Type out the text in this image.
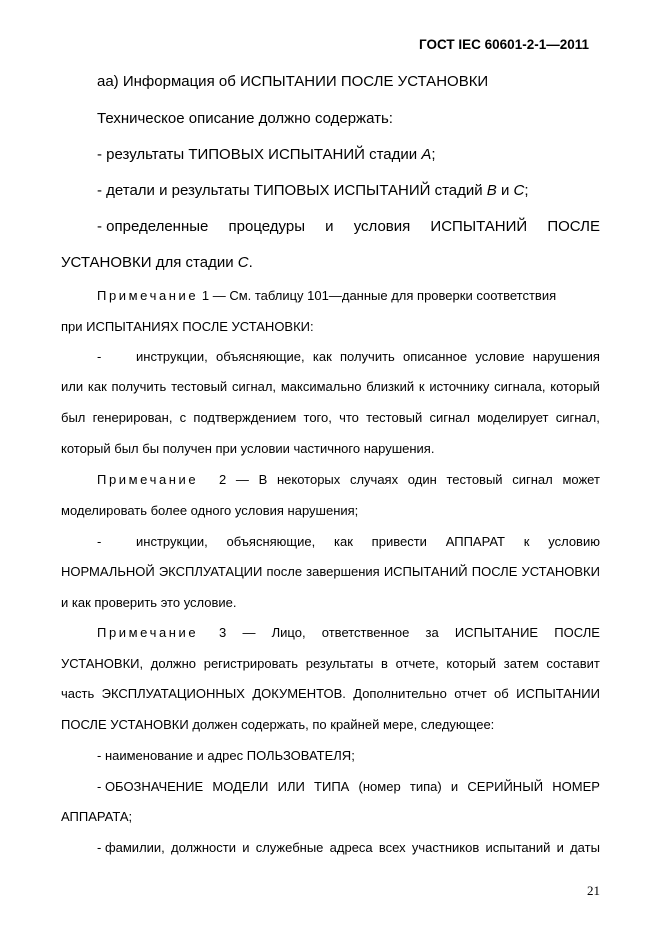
ГОСТ IEC 60601-2-1—2011
аа) Информация об ИСПЫТАНИИ ПОСЛЕ УСТАНОВКИ
Техническое описание должно содержать:
- результаты ТИПОВЫХ ИСПЫТАНИЙ стадии А;
- детали и результаты ТИПОВЫХ ИСПЫТАНИЙ стадий В и С;
- определенные процедуры и условия ИСПЫТАНИЙ ПОСЛЕ
УСТАНОВКИ для стадии С.
Примечание 1 — См. таблицу 101—данные для проверки соответствия
при ИСПЫТАНИЯХ ПОСЛЕ УСТАНОВКИ:
-	инструкции, объясняющие, как получить описанное условие нарушения
или как получить тестовый сигнал, максимально близкий к источнику сигнала, который
был генерирован, с подтверждением того, что тестовый сигнал моделирует сигнал,
который был бы получен при условии частичного нарушения.
Примечание 2 — В некоторых случаях один тестовый сигнал может
моделировать более одного условия нарушения;
-	инструкции, объясняющие, как привести АППАРАТ к условию
НОРМАЛЬНОЙ ЭКСПЛУАТАЦИИ после завершения ИСПЫТАНИЙ ПОСЛЕ УСТАНОВКИ
и как проверить это условие.
Примечание 3 — Лицо, ответственное за ИСПЫТАНИЕ ПОСЛЕ
УСТАНОВКИ, должно регистрировать результаты в отчете, который затем составит
часть ЭКСПЛУАТАЦИОННЫХ ДОКУМЕНТОВ. Дополнительно отчет об ИСПЫТАНИИ
ПОСЛЕ УСТАНОВКИ должен содержать, по крайней мере, следующее:
- наименование и адрес ПОЛЬЗОВАТЕЛЯ;
- ОБОЗНАЧЕНИЕ МОДЕЛИ ИЛИ ТИПА (номер типа) и СЕРИЙНЫЙ НОМЕР
АППАРАТА;
- фамилии, должности и служебные адреса всех участников испытаний и даты
21
